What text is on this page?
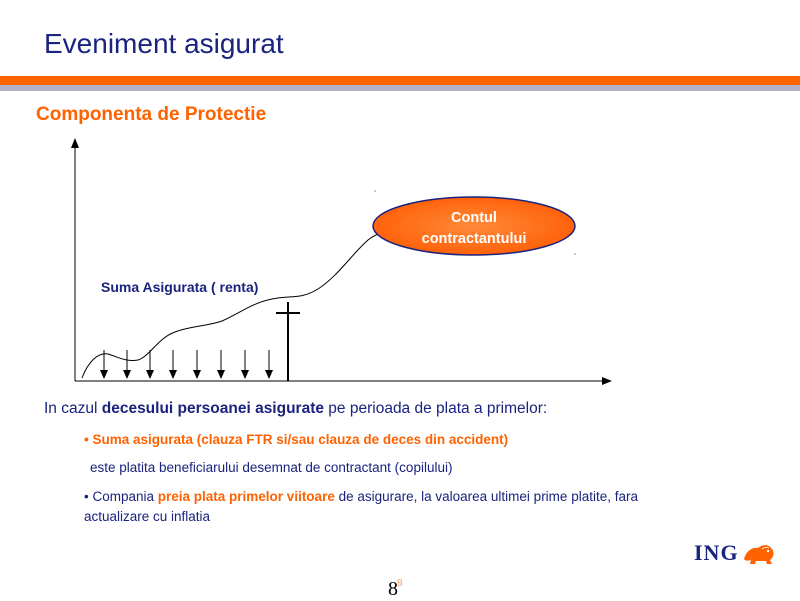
Eveniment asigurat
Componenta de Protectie
Contul
contractantului
Suma Asigurata ( renta)
In cazul decesului persoanei asigurate pe perioada de plata a primelor:
• Suma asigurata (clauza FTR si/sau clauza de deces din accident)
este platita beneficiarului desemnat de contractant (copilului)
• Compania preia plata primelor viitoare de asigurare, la valoarea ultimei prime platite, fara actualizare cu inflatia
ING
8 8
